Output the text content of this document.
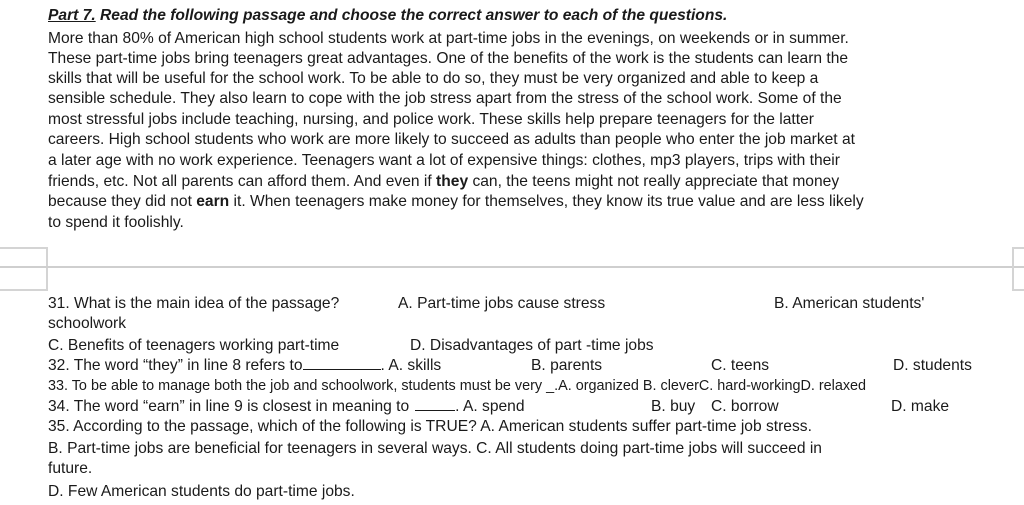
Part 7. Read the following passage and choose the correct answer to each of the questions.
More than 80% of American high school students work at part-time jobs in the evenings, on weekends or in summer.
These part-time jobs bring teenagers great advantages. One of the benefits of the work is the students can learn the
skills that will be useful for the school work. To be able to do so, they must be very organized and able to keep a
sensible schedule. They also learn to cope with the job stress apart from the stress of the school work. Some of the
most stressful jobs include teaching, nursing, and police work. These skills help prepare teenagers for the latter
careers. High school students who work are more likely to succeed as adults than people who enter the job market at
a later age with no work experience. Teenagers want a lot of expensive things: clothes, mp3 players, trips with their
friends, etc. Not all parents can afford them. And even if they can, the teens might not really appreciate that money
because they did not earn it. When teenagers make money for themselves, they know its true value and are less likely
to spend it foolishly.
31. What is the main idea of the passage?	A. Part-time jobs cause stress	B. American students'
schoolwork
C. Benefits of teenagers working part-time	D. Disadvantages of part -time jobs
32. The word “they” in line 8 refers to	. A. skills	B. parents	C. teens	D. students
33. To be able to manage both the job and schoolwork, students must be very _.A. organized B. cleverC. hard-workingD. relaxed
34. The word “earn” in line 9 is closest in meaning to	. A. spend	B. buy C. borrow	D. make
35. According to the passage, which of the following is TRUE? A. American students suffer part-time job stress.
B. Part-time jobs are beneficial for teenagers in several ways. C. All students doing part-time jobs will succeed in
future.
D. Few American students do part-time jobs.
